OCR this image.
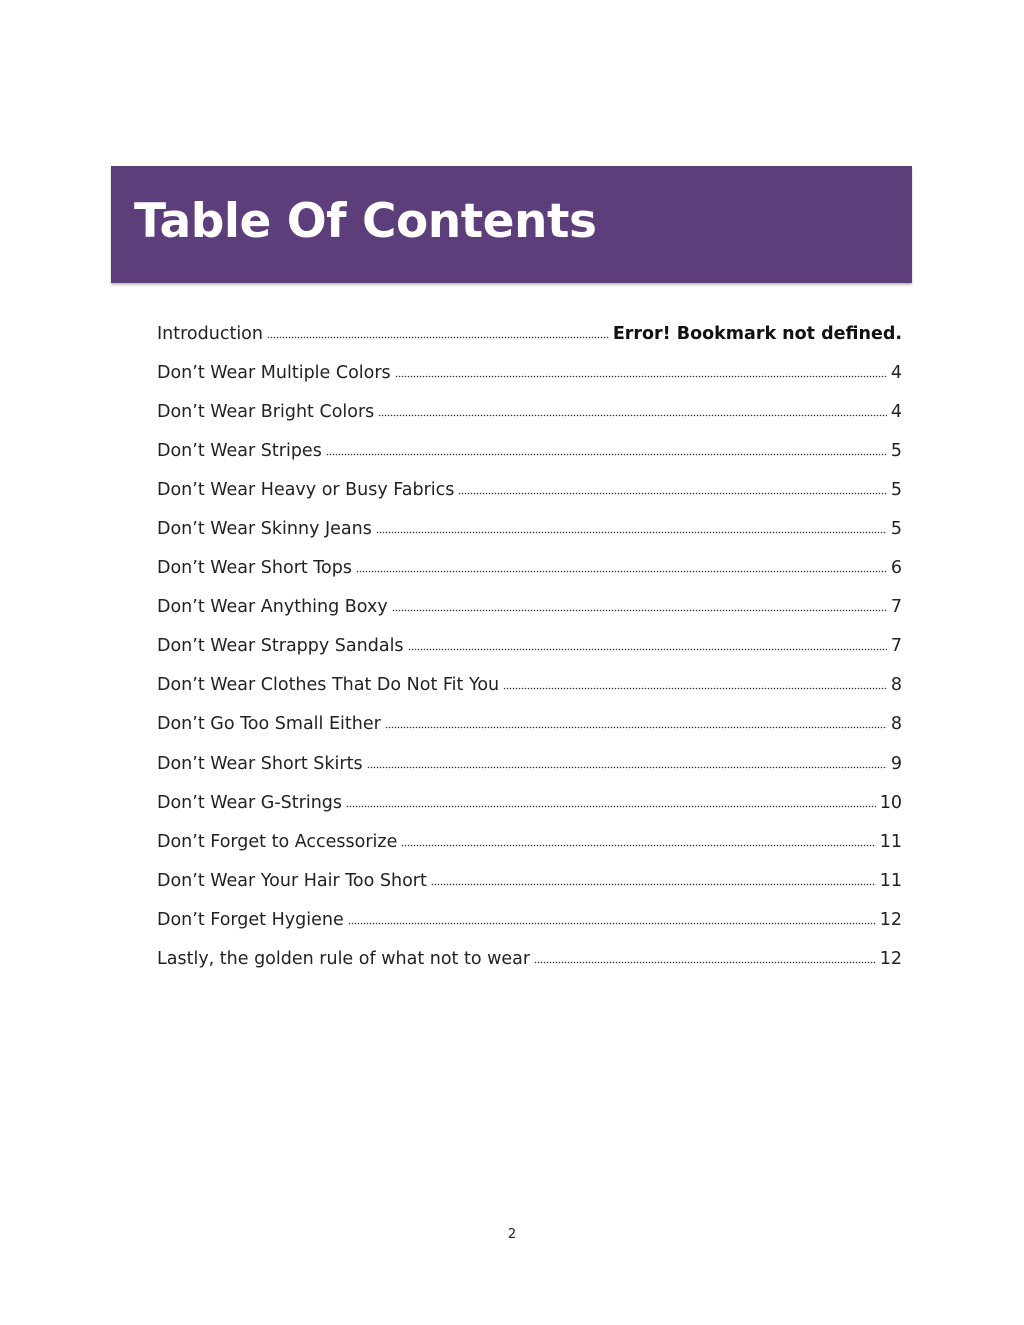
Table Of Contents
Introduction	Error! Bookmark not defined.
Don’t Wear Multiple Colors	4
Don’t Wear Bright Colors	4
Don’t Wear Stripes	5
Don’t Wear Heavy or Busy Fabrics	5
Don’t Wear Skinny Jeans	5
Don’t Wear Short Tops	6
Don’t Wear Anything Boxy	7
Don’t Wear Strappy Sandals	7
Don’t Wear Clothes That Do Not Fit You	8
Don’t Go Too Small Either	8
Don’t Wear Short Skirts	9
Don’t Wear G-Strings	10
Don’t Forget to Accessorize	11
Don’t Wear Your Hair Too Short	11
Don’t Forget Hygiene	12
Lastly, the golden rule of what not to wear	12
2
